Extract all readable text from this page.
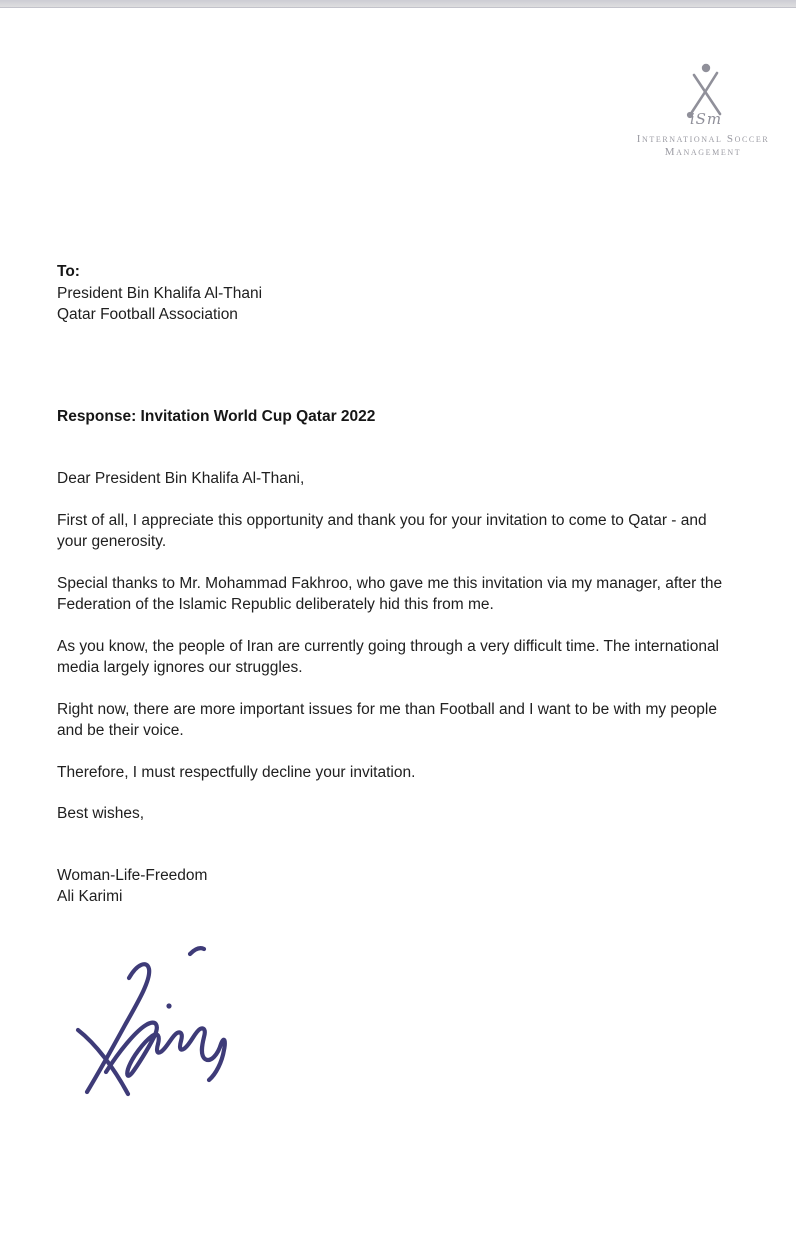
iSm
International Soccer
Management
To:
President Bin Khalifa Al-Thani
Qatar Football Association
Response: Invitation World Cup Qatar 2022
Dear President Bin Khalifa Al-Thani,

First of all, I appreciate this opportunity and thank you for your invitation to come to Qatar - and your generosity.

Special thanks to Mr. Mohammad Fakhroo, who gave me this invitation via my manager, after the Federation of the Islamic Republic deliberately hid this from me.

As you know, the people of Iran are currently going through a very difficult time. The international media largely ignores our struggles.

Right now, there are more important issues for me than Football and I want to be with my people and be their voice.

Therefore, I must respectfully decline your invitation.

Best wishes,
Woman-Life-Freedom
Ali Karimi
